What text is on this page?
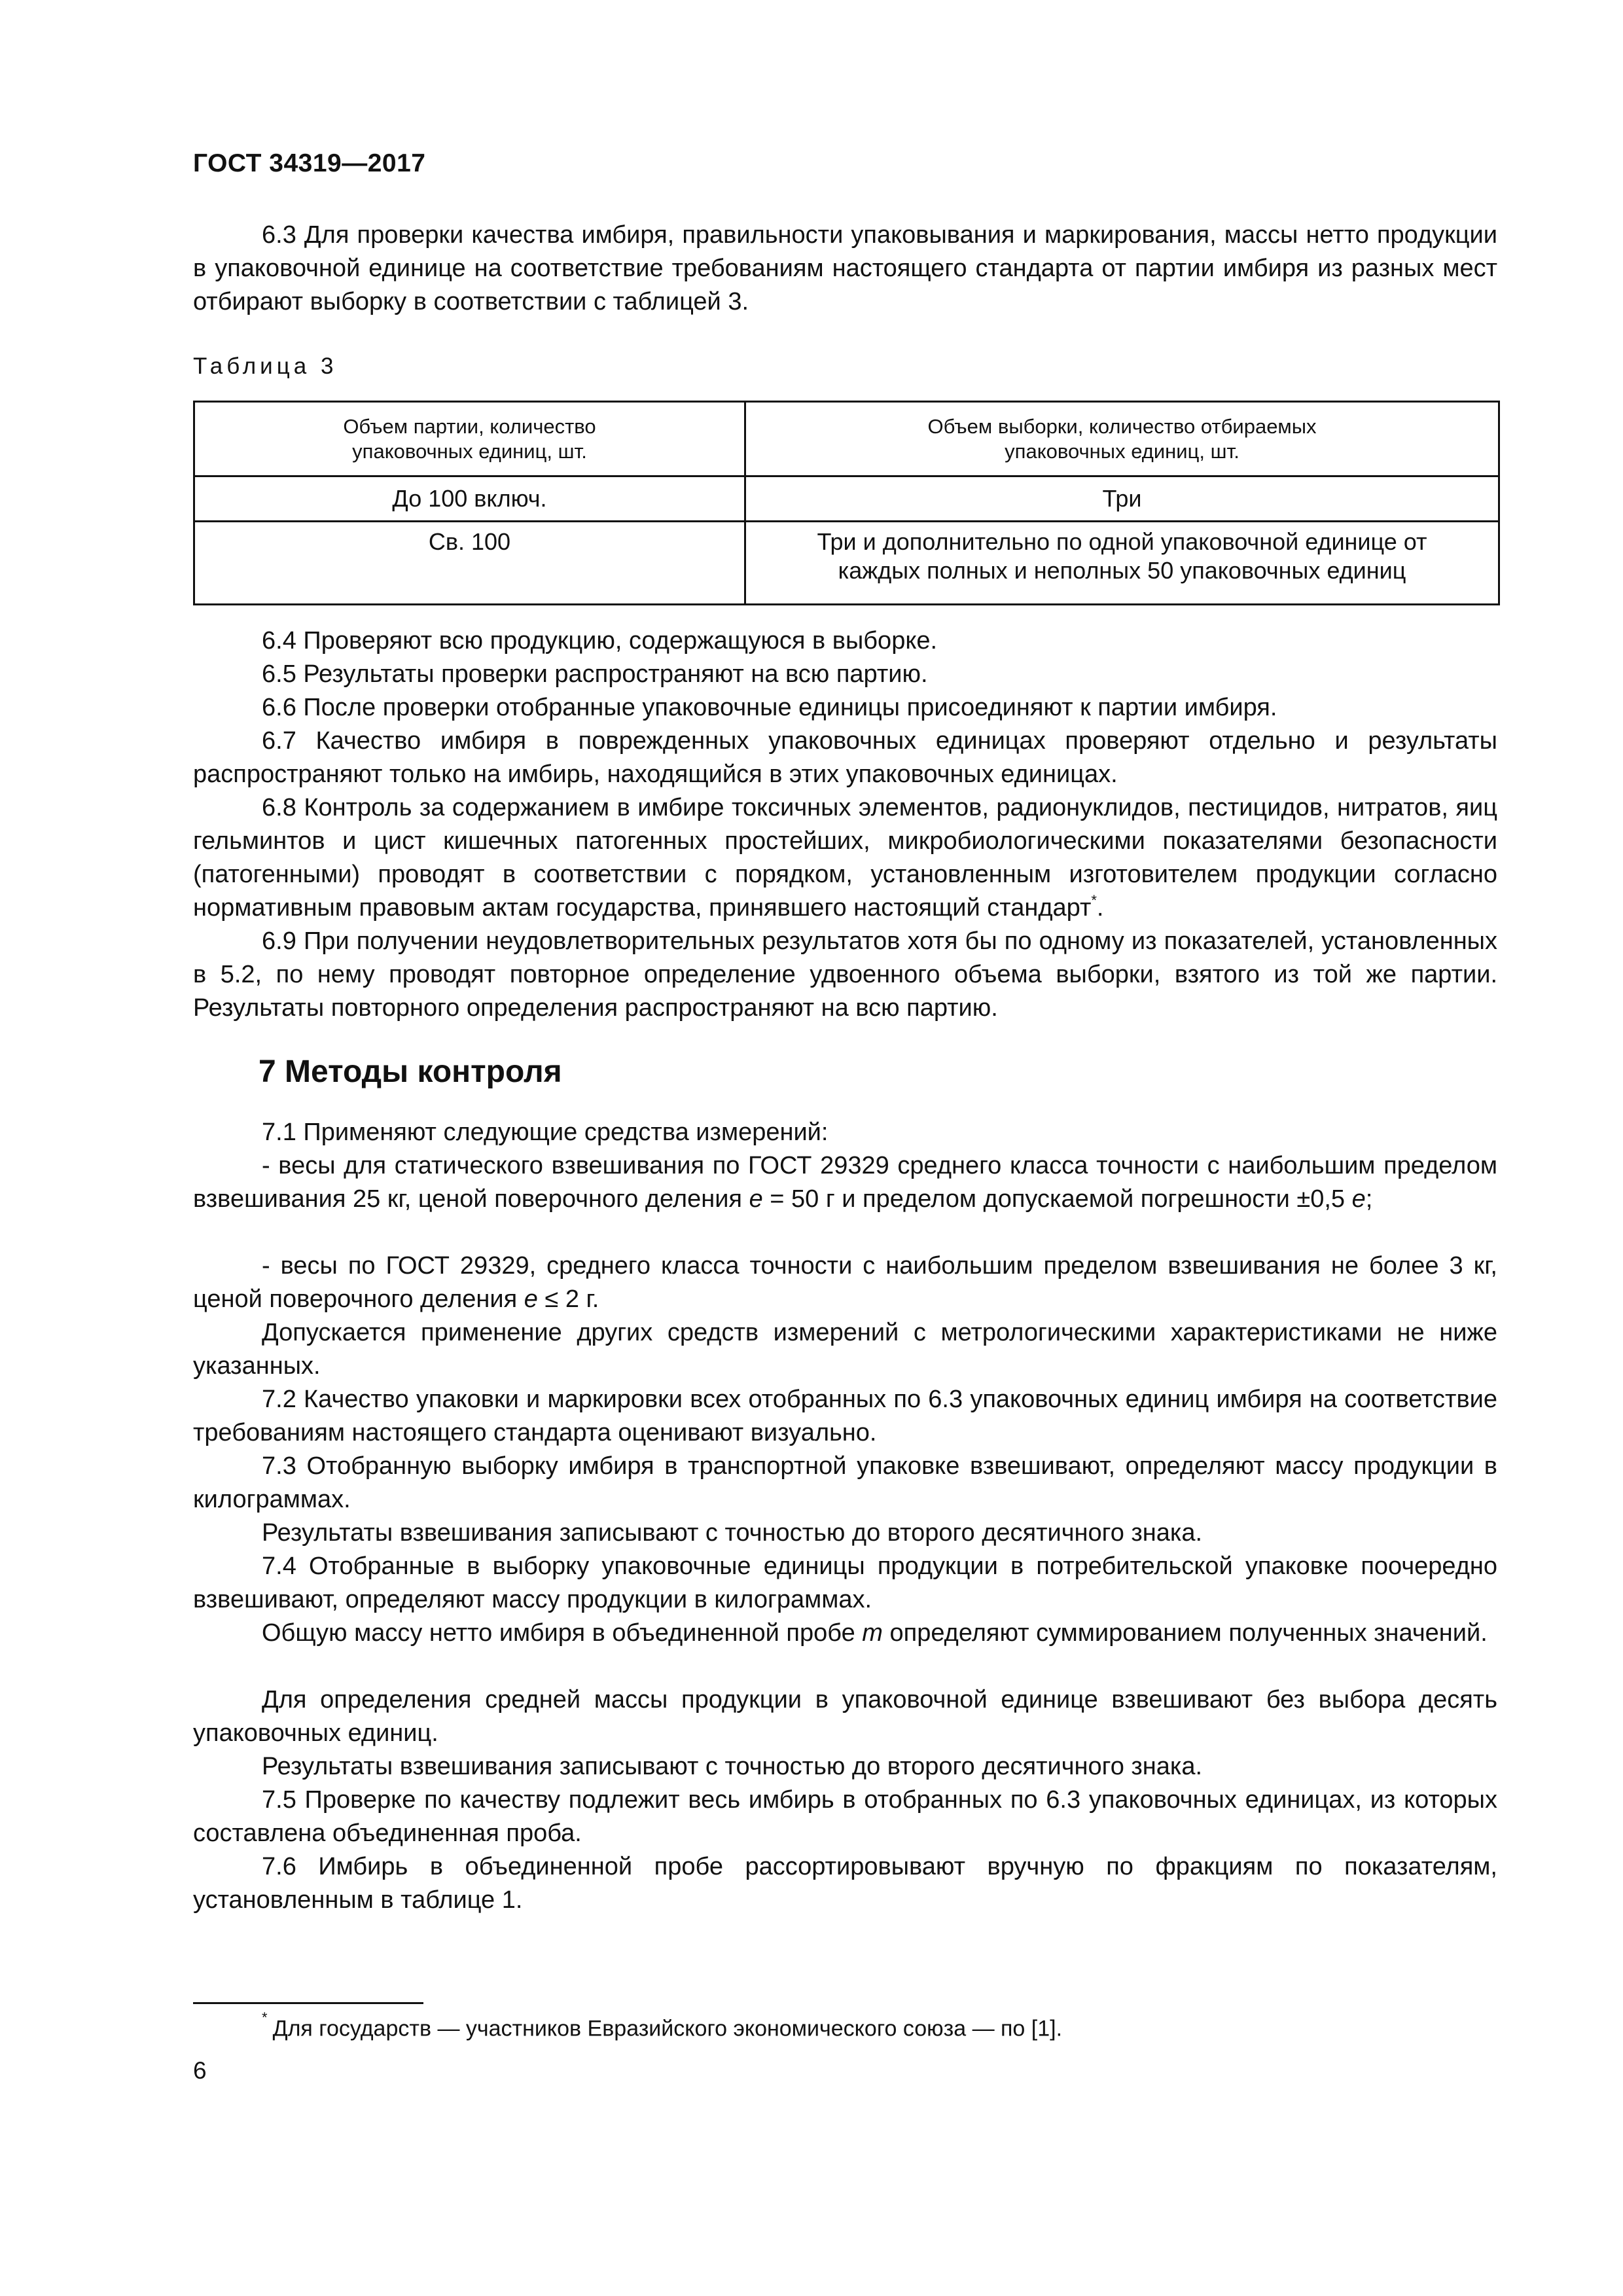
ГОСТ 34319—2017

6.3 Для проверки качества имбиря, правильности упаковывания и маркирования, массы нетто продукции в упаковочной единице на соответствие требованиям настоящего стандарта от партии имбиря из разных мест отбирают выборку в соответствии с таблицей 3.

Таблица 3
Объем партии, количество упаковочных единиц, шт.	Объем выборки, количество отбираемых упаковочных единиц, шт.
До 100 включ.	Три
Св. 100	Три и дополнительно по одной упаковочной единице от каждых полных и неполных 50 упаковочных единиц

6.4 Проверяют всю продукцию, содержащуюся в выборке.

6.5 Результаты проверки распространяют на всю партию.

6.6 После проверки отобранные упаковочные единицы присоединяют к партии имбиря.

6.7 Качество имбиря в поврежденных упаковочных единицах проверяют отдельно и результаты распространяют только на имбирь, находящийся в этих упаковочных единицах.

6.8 Контроль за содержанием в имбире токсичных элементов, радионуклидов, пестицидов, нитратов, яиц гельминтов и цист кишечных патогенных простейших, микробиологическими показателями безопасности (патогенными) проводят в соответствии с порядком, установленным изготовителем продукции согласно нормативным правовым актам государства, принявшего настоящий стандарт*.

6.9 При получении неудовлетворительных результатов хотя бы по одному из показателей, установленных в 5.2, по нему проводят повторное определение удвоенного объема выборки, взятого из той же партии. Результаты повторного определения распространяют на всю партию.

7 Методы контроля

7.1 Применяют следующие средства измерений:

- весы для статического взвешивания по ГОСТ 29329 среднего класса точности с наибольшим пределом взвешивания 25 кг, ценой поверочного деления е = 50 г и пределом допускаемой погрешности ±0,5 е;

- весы по ГОСТ 29329, среднего класса точности с наибольшим пределом взвешивания не более 3 кг, ценой поверочного деления е ≤ 2 г.

Допускается применение других средств измерений с метрологическими характеристиками не ниже указанных.

7.2 Качество упаковки и маркировки всех отобранных по 6.3 упаковочных единиц имбиря на соответствие требованиям настоящего стандарта оценивают визуально.

7.3 Отобранную выборку имбиря в транспортной упаковке взвешивают, определяют массу продукции в килограммах.

Результаты взвешивания записывают с точностью до второго десятичного знака.

7.4 Отобранные в выборку упаковочные единицы продукции в потребительской упаковке поочередно взвешивают, определяют массу продукции в килограммах.

Общую массу нетто имбиря в объединенной пробе m определяют суммированием полученных значений.

Для определения средней массы продукции в упаковочной единице взвешивают без выбора десять упаковочных единиц.

Результаты взвешивания записывают с точностью до второго десятичного знака.

7.5 Проверке по качеству подлежит весь имбирь в отобранных по 6.3 упаковочных единицах, из которых составлена объединенная проба.

7.6 Имбирь в объединенной пробе рассортировывают вручную по фракциям по показателям, установленным в таблице 1.

* Для государств — участников Евразийского экономического союза — по [1].
6
